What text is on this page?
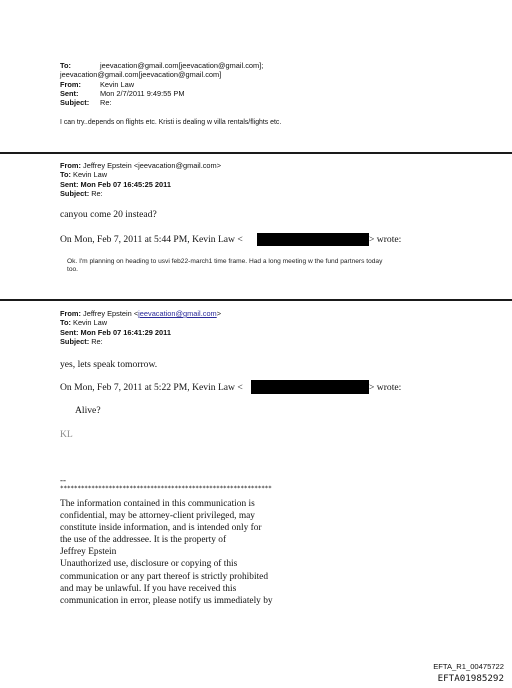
To:	jeevacation@gmail.com[jeevacation@gmail.com];
jeevacation@gmail.com[jeevacation@gmail.com]
From:	Kevin Law
Sent:	Mon 2/7/2011 9:49:55 PM
Subject: Re:
I can try..depends on flights etc. Kristi is dealing w villa rentals/flights etc.
From: Jeffrey Epstein <jeevacation@gmail.com>
To: Kevin Law
Sent: Mon Feb 07 16:45:25 2011
Subject: Re:
canyou come 20 instead?
On Mon, Feb 7, 2011 at 5:44 PM, Kevin Law <	> wrote:
Ok. I'm planning on heading to usvi feb22-march1 time frame. Had a long meeting w the fund partners today
too.
From: Jeffrey Epstein <jeevacation@gmail.com>
To: Kevin Law
Sent: Mon Feb 07 16:41:29 2011
Subject: Re:
yes, lets speak tomorrow.
On Mon, Feb 7, 2011 at 5:22 PM, Kevin Law <	> wrote:
Alive?
KL
--
*************************************************************
The information contained in this communication is
confidential, may be attorney-client privileged, may
constitute inside information, and is intended only for
the use of the addressee. It is the property of
Jeffrey Epstein
Unauthorized use, disclosure or copying of this
communication or any part thereof is strictly prohibited
and may be unlawful. If you have received this
communication in error, please notify us immediately by
EFTA_R1_00475722
EFTA01985292
